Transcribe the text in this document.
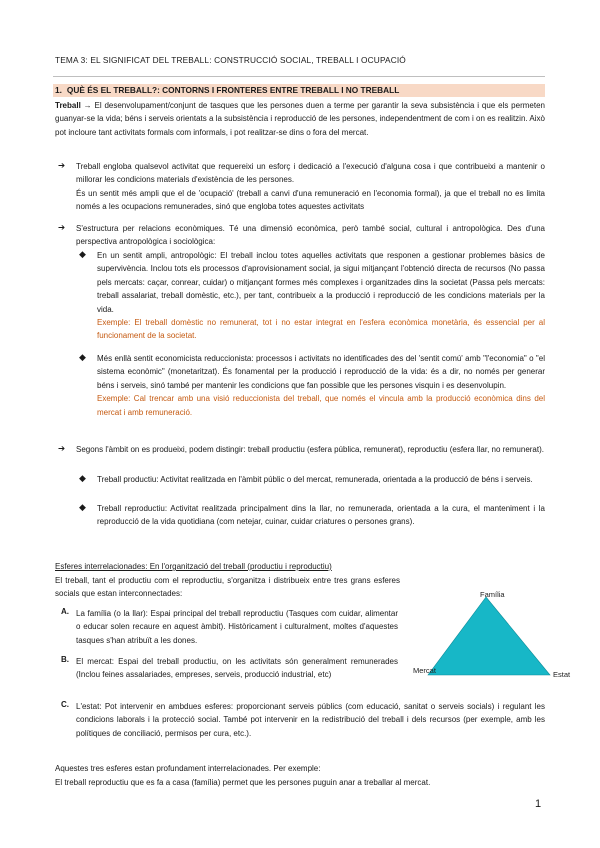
TEMA 3: EL SIGNIFICAT DEL TREBALL: CONSTRUCCIÓ SOCIAL, TREBALL I OCUPACIÓ
1. QUÈ ÉS EL TREBALL?: CONTORNS I FRONTERES ENTRE TREBALL I NO TREBALL
Treball → El desenvolupament/conjunt de tasques que les persones duen a terme per garantir la seva subsistència i que els permeten guanyar-se la vida; béns i serveis orientats a la subsistència i reproducció de les persones, independentment de com i on es realitzin. Això pot incloure tant activitats formals com informals, i pot realitzar-se dins o fora del mercat.
➔ Treball engloba qualsevol activitat que requereixi un esforç i dedicació a l'execució d'alguna cosa i que contribueixi a mantenir o millorar les condicions materials d'existència de les persones.
És un sentit més ampli que el de 'ocupació' (treball a canvi d'una remuneració en l'economia formal), ja que el treball no es limita només a les ocupacions remunerades, sinó que engloba totes aquestes activitats
➔ S'estructura per relacions econòmiques. Té una dimensió econòmica, però també social, cultural i antropològica. Des d'una perspectiva antropològica i sociològica:
◆ En un sentit ampli, antropològic: El treball inclou totes aquelles activitats que responen a gestionar problemes bàsics de supervivència. Inclou tots els processos d'aprovisionament social, ja sigui mitjançant l'obtenció directa de recursos (No passa pels mercats: caçar, conrear, cuidar) o mitjançant formes més complexes i organitzades dins la societat (Passa pels mercats: treball assalariat, treball domèstic, etc.), per tant, contribueix a la producció i reproducció de les condicions materials per la vida.
Exemple: El treball domèstic no remunerat, tot i no estar integrat en l'esfera econòmica monetària, és essencial per al funcionament de la societat.
◆ Més enllà sentit economicista reduccionista: processos i activitats no identificades des del 'sentit comú' amb "l'economia" o "el sistema econòmic" (monetaritzat). És fonamental per la producció i reproducció de la vida: és a dir, no només per generar béns i serveis, sinó també per mantenir les condicions que fan possible que les persones visquin i es desenvolupin.
Exemple: Cal trencar amb una visió reduccionista del treball, que només el vincula amb la producció econòmica dins del mercat i amb remuneració.
➔ Segons l'àmbit on es produeixi, podem distingir: treball productiu (esfera pública, remunerat), reproductiu (esfera llar, no remunerat).
◆ Treball productiu: Activitat realitzada en l'àmbit públic o del mercat, remunerada, orientada a la producció de béns i serveis.
◆ Treball reproductiu: Activitat realitzada principalment dins la llar, no remunerada, orientada a la cura, el manteniment i la reproducció de la vida quotidiana (com netejar, cuinar, cuidar criatures o persones grans).
Esferes interrelacionades: En l'organització del treball (productiu i reproductiu)
El treball, tant el productiu com el reproductiu, s'organitza i distribueix entre tres grans esferes socials que estan interconnectades:
A. La família (o la llar): Espai principal del treball reproductiu (Tasques com cuidar, alimentar o educar solen recaure en aquest àmbit). Històricament i culturalment, moltes d'aquestes tasques s'han atribuït a les dones.
B. El mercat: Espai del treball productiu, on les activitats són generalment remunerades (Inclou feines assalariades, empreses, serveis, producció industrial, etc)
C. L'estat: Pot intervenir en ambdues esferes: proporcionant serveis públics (com educació, sanitat o serveis socials) i regulant les condicions laborals i la protecció social. També pot intervenir en la redistribució del treball i dels recursos (per exemple, amb les polítiques de conciliació, permisos per cura, etc.).
Aquestes tres esferes estan profundament interrelacionades. Per exemple:
El treball reproductiu que es fa a casa (família) permet que les persones puguin anar a treballar al mercat.
Família
Mercat	Estat
1
